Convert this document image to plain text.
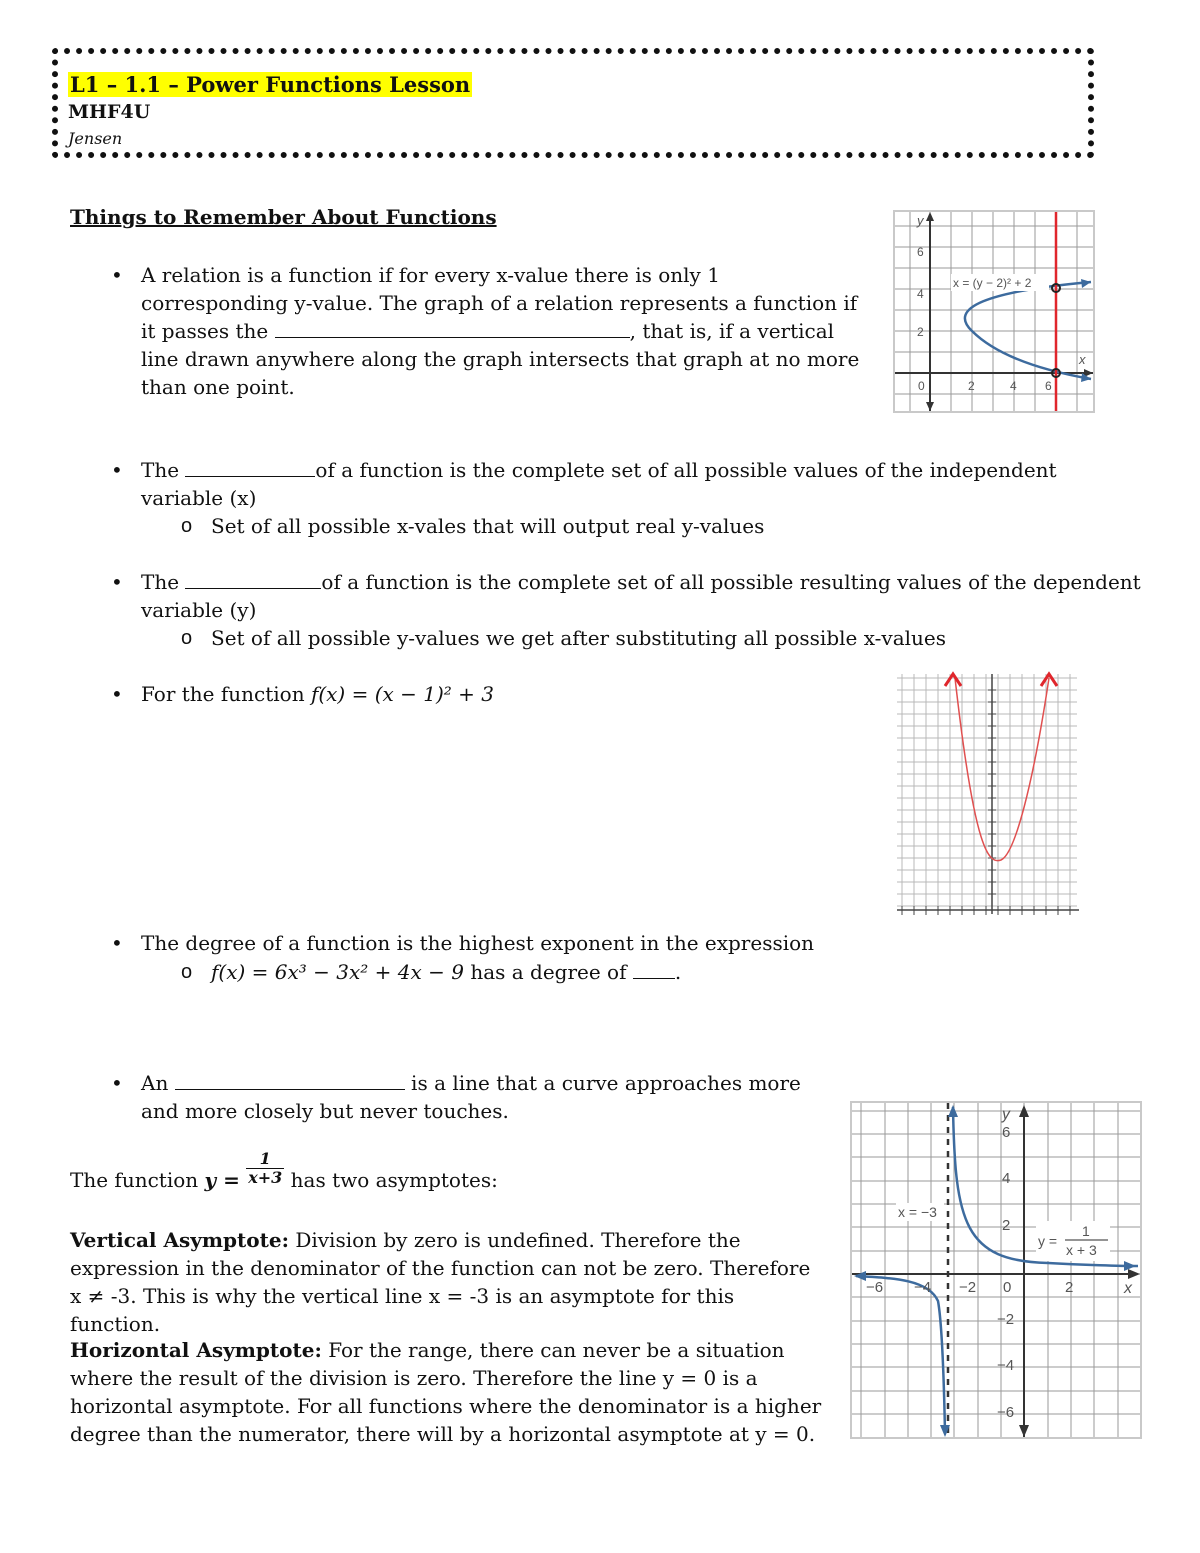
L1 – 1.1 – Power Functions Lesson
MHF4U
Jensen
Things to Remember About Functions
• A relation is a function if for every x-value there is only 1
corresponding y-value. The graph of a relation represents a function if
it passes the	, that is, if a vertical
line drawn anywhere along the graph intersects that graph at no more
than one point.
y
x
6
4
2
0	2	4 6
x = (y − 2)² + 2
• The	of a function is the complete set of all possible values of the independent
variable (x)
o Set of all possible x-vales that will output real y-values
• The	of a function is the complete set of all possible resulting values of the dependent
variable (y)
o Set of all possible y-values we get after substituting all possible x-values
• For the function f(x) = (x − 1)² + 3
• The degree of a function is the highest exponent in the expression
o f(x) = 6x³ − 3x² + 4x − 9 has a degree of .
• An	is a line that a curve approaches more
and more closely but never touches.
The function $y = \frac{1}{x+3}$ has two asymptotes:
Vertical Asymptote: Division by zero is undefined. Therefore the
expression in the denominator of the function can not be zero. Therefore
x ≠ -3. This is why the vertical line x = -3 is an asymptote for this function.
Horizontal Asymptote: For the range, there can never be a situation
where the result of the division is zero. Therefore the line y = 0 is a
horizontal asymptote. For all functions where the denominator is a higher
degree than the numerator, there will by a horizontal asymptote at y = 0.
y
x
6
4
2
−2
−4
−6
−6 −4 −2 0	2
x = −3
y =
1
x + 3
